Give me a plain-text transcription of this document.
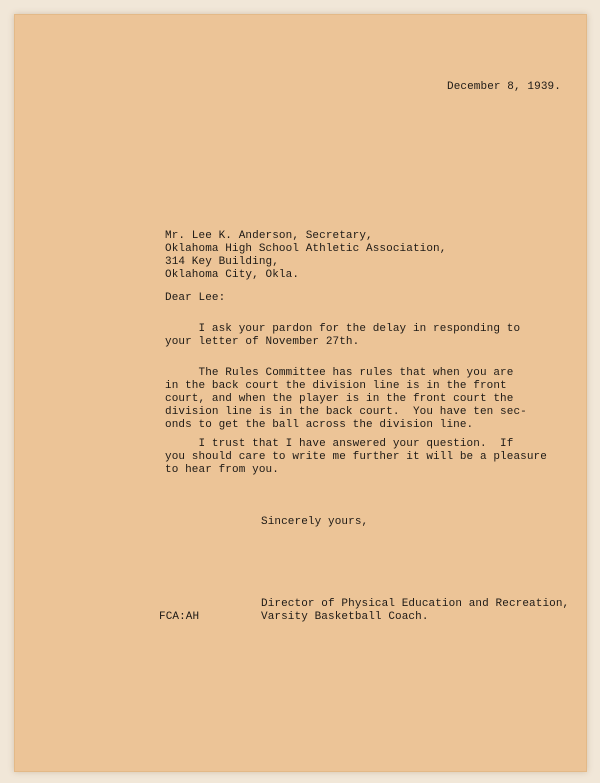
December 8, 1939.
Mr. Lee K. Anderson, Secretary,
Oklahoma High School Athletic Association,
314 Key Building,
Oklahoma City, Okla.
Dear Lee:
I ask your pardon for the delay in responding to
your letter of November 27th.
The Rules Committee has rules that when you are
in the back court the division line is in the front
court, and when the player is in the front court the
division line is in the back court.  You have ten sec-
onds to get the ball across the division line.
I trust that I have answered your question.  If
you should care to write me further it will be a pleasure
to hear from you.
Sincerely yours,
Director of Physical Education and Recreation,
Varsity Basketball Coach.
FCA:AH
